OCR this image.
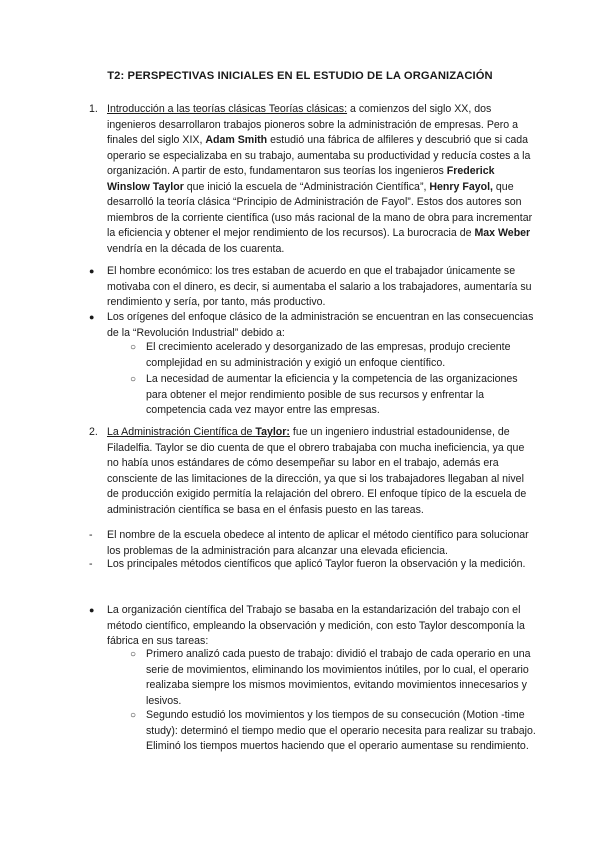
T2: PERSPECTIVAS INICIALES EN EL ESTUDIO DE LA ORGANIZACIÓN
1. Introducción a las teorías clásicas Teorías clásicas: a comienzos del siglo XX, dos ingenieros desarrollaron trabajos pioneros sobre la administración de empresas. Pero a finales del siglo XIX, Adam Smith estudió una fábrica de alfileres y descubrió que si cada operario se especializaba en su trabajo, aumentaba su productividad y reducía costes a la organización. A partir de esto, fundamentaron sus teorías los ingenieros Frederick Winslow Taylor que inició la escuela de “Administración Científica”, Henry Fayol, que desarrolló la teoría clásica “Principio de Administración de Fayol”. Estos dos autores son miembros de la corriente científica (uso más racional de la mano de obra para incrementar la eficiencia y obtener el mejor rendimiento de los recursos). La burocracia de Max Weber vendría en la década de los cuarenta.
● El hombre económico: los tres estaban de acuerdo en que el trabajador únicamente se motivaba con el dinero, es decir, si aumentaba el salario a los trabajadores, aumentaría su rendimiento y sería, por tanto, más productivo.
● Los orígenes del enfoque clásico de la administración se encuentran en las consecuencias de la “Revolución Industrial” debido a:
○ El crecimiento acelerado y desorganizado de las empresas, produjo creciente complejidad en su administración y exigió un enfoque científico.
○ La necesidad de aumentar la eficiencia y la competencia de las organizaciones para obtener el mejor rendimiento posible de sus recursos y enfrentar la competencia cada vez mayor entre las empresas.
2. La Administración Científica de Taylor: fue un ingeniero industrial estadounidense, de Filadelfia. Taylor se dio cuenta de que el obrero trabajaba con mucha ineficiencia, ya que no había unos estándares de cómo desempeñar su labor en el trabajo, además era consciente de las limitaciones de la dirección, ya que si los trabajadores llegaban al nivel de producción exigido permitía la relajación del obrero. El enfoque típico de la escuela de administración científica se basa en el énfasis puesto en las tareas.
- El nombre de la escuela obedece al intento de aplicar el método científico para solucionar los problemas de la administración para alcanzar una elevada eficiencia.
- Los principales métodos científicos que aplicó Taylor fueron la observación y la medición.
● La organización científica del Trabajo se basaba en la estandarización del trabajo con el método científico, empleando la observación y medición, con esto Taylor descomponía la fábrica en sus tareas:
○ Primero analizó cada puesto de trabajo: dividió el trabajo de cada operario en una serie de movimientos, eliminando los movimientos inútiles, por lo cual, el operario realizaba siempre los mismos movimientos, evitando movimientos innecesarios y lesivos.
○ Segundo estudió los movimientos y los tiempos de su consecución (Motion -time study): determinó el tiempo medio que el operario necesita para realizar su trabajo. Eliminó los tiempos muertos haciendo que el operario aumentase su rendimiento.
